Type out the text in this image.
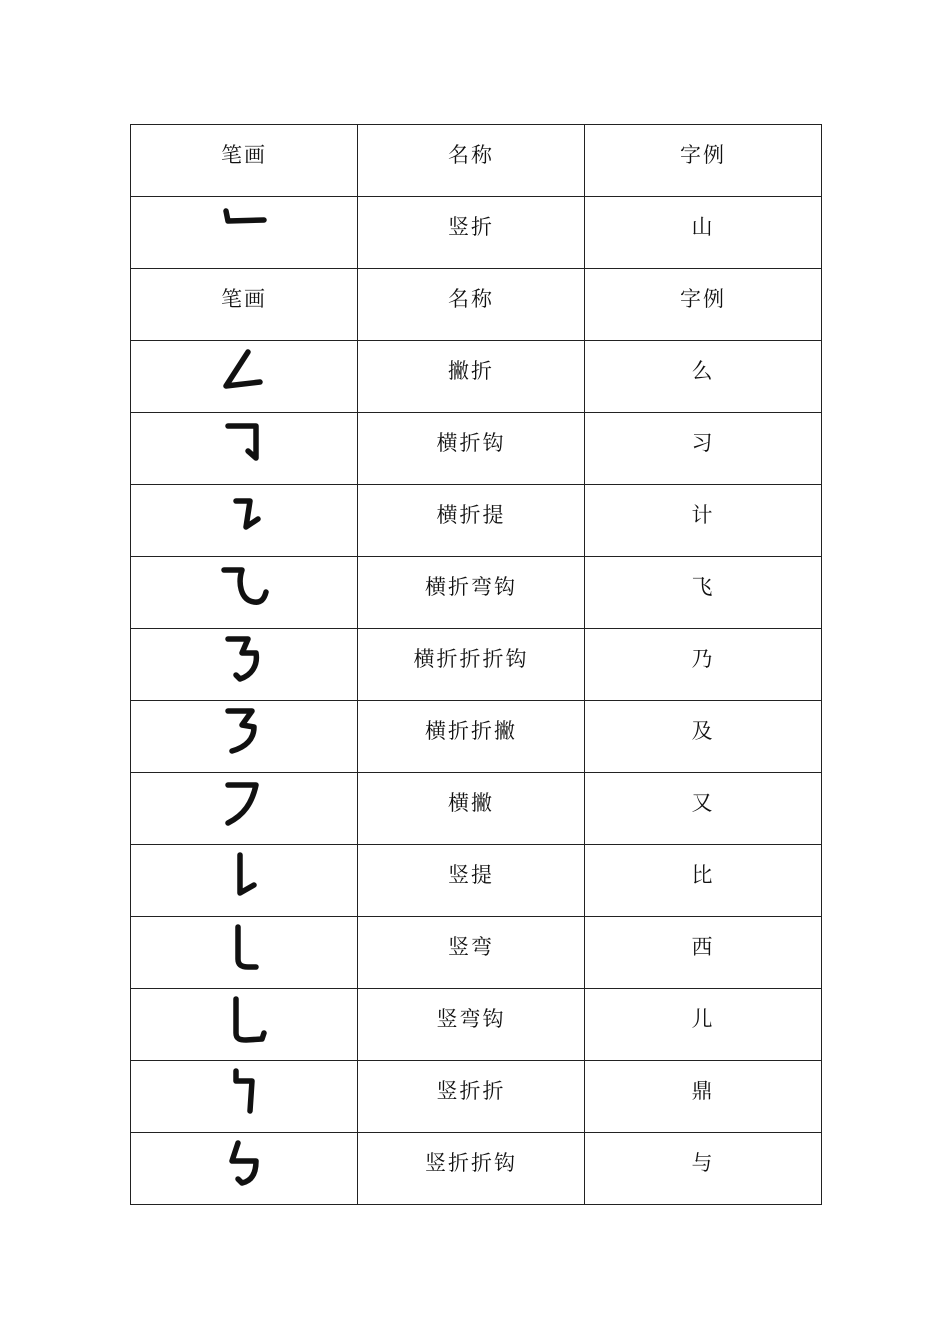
笔画	名称	字例

	竖折	山
笔画	名称	字例

	撇折	么

	横折钩	习

	横折提	计

	横折弯钩	飞

	横折折折钩	乃

	横折折撇	及

	横撇	又

	竖提	比

	竖弯	西

	竖弯钩	儿

	竖折折	鼎

	竖折折钩	与
